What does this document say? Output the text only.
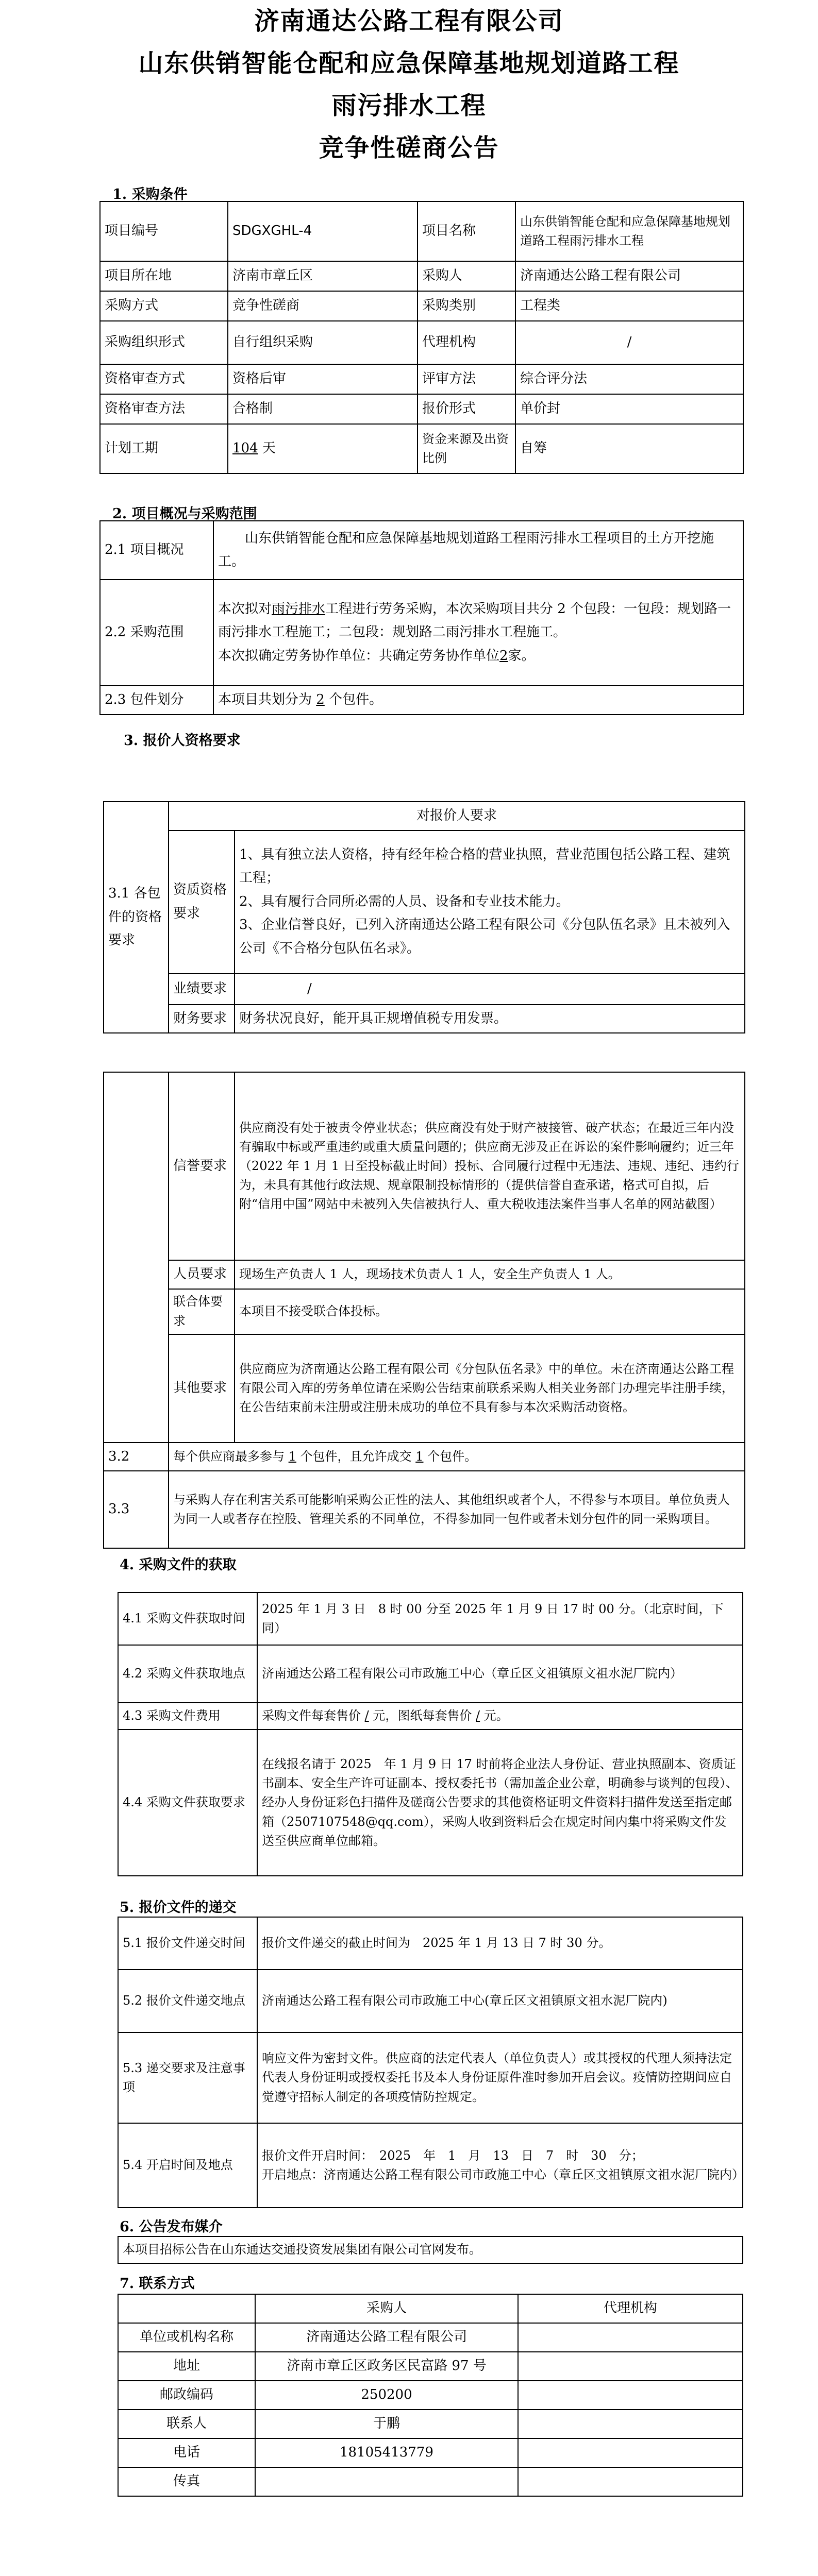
济南通达公路工程有限公司
山东供销智能仓配和应急保障基地规划道路工程
雨污排水工程
竞争性磋商公告
1. 采购条件
项目编号	SDGXGHL-4	项目名称	山东供销智能仓配和应急保障基地规划道路工程雨污排水工程
项目所在地	济南市章丘区	采购人	济南通达公路工程有限公司
采购方式	竞争性磋商	采购类别	工程类
采购组织形式	自行组织采购	代理机构	/
资格审查方式	资格后审	评审方法	综合评分法
资格审查方法	合格制	报价形式	单价封
计划工期	104 天	资金来源及出资比例	自筹
2. 项目概况与采购范围
2.1 项目概况	山东供销智能仓配和应急保障基地规划道路工程雨污排水工程项目的土方开挖施工。
2.2 采购范围	本次拟对雨污排水工程进行劳务采购，本次采购项目共分 2 个包段：一包段：规划路一雨污排水工程施工；二包段：规划路二雨污排水工程施工。
本次拟确定劳务协作单位：共确定劳务协作单位2家。
2.3 包件划分	本项目共划分为 2 个包件。
3. 报价人资格要求
3.1 各包件的资格要求	对报价人要求	
	资质资格要求	1、具有独立法人资格，持有经年检合格的营业执照，营业范围包括公路工程、建筑工程；
2、具有履行合同所必需的人员、设备和专业技术能力。
3、企业信誉良好，已列入济南通达公路工程有限公司《分包队伍名录》且未被列入公司《不合格分包队伍名录》。

	业绩要求	/
	财务要求	财务状况良好，能开具正规增值税专用发票。
	信誉要求	供应商没有处于被责令停业状态；供应商没有处于财产被接管、破产状态；在最近三年内没有骗取中标或严重违约或重大质量问题的；供应商无涉及正在诉讼的案件影响履约；近三年（2022 年 1 月 1 日至投标截止时间）投标、合同履行过程中无违法、违规、违纪、违约行为，未具有其他行政法规、规章限制投标情形的（提供信誉自查承诺，格式可自拟，后附“信用中国”网站中未被列入失信被执行人、重大税收违法案件当事人名单的网站截图）
	人员要求	现场生产负责人 1 人，现场技术负责人 1 人，安全生产负责人 1 人。
	联合体要求	本项目不接受联合体投标。
	其他要求	供应商应为济南通达公路工程有限公司《分包队伍名录》中的单位。未在济南通达公路工程有限公司入库的劳务单位请在采购公告结束前联系采购人相关业务部门办理完毕注册手续，在公告结束前未注册或注册未成功的单位不具有参与本次采购活动资格。
3.2	每个供应商最多参与 1 个包件，且允许成交 1 个包件。	
3.3	与采购人存在利害关系可能影响采购公正性的法人、其他组织或者个人，不得参与本项目。单位负责人为同一人或者存在控股、管理关系的不同单位，不得参加同一包件或者未划分包件的同一采购项目。	
4. 采购文件的获取
4.1 采购文件获取时间	2025 年 1 月 3 日　8 时 00 分至 2025 年 1 月 9 日 17 时 00 分。（北京时间，下同）
4.2 采购文件获取地点	济南通达公路工程有限公司市政施工中心（章丘区文祖镇原文祖水泥厂院内）
4.3 采购文件费用	采购文件每套售价 / 元，图纸每套售价 / 元。
4.4 采购文件获取要求	在线报名请于 2025　年 1 月 9 日 17 时前将企业法人身份证、营业执照副本、资质证书副本、安全生产许可证副本、授权委托书（需加盖企业公章，明确参与谈判的包段）、经办人身份证彩色扫描件及磋商公告要求的其他资格证明文件资料扫描件发送至指定邮箱（2507107548@qq.com），采购人收到资料后会在规定时间内集中将采购文件发送至供应商单位邮箱。
5. 报价文件的递交
5.1 报价文件递交时间	报价文件递交的截止时间为　2025 年 1 月 13 日 7 时 30 分。
5.2 报价文件递交地点	济南通达公路工程有限公司市政施工中心(章丘区文祖镇原文祖水泥厂院内)
5.3 递交要求及注意事项	响应文件为密封文件。供应商的法定代表人（单位负责人）或其授权的代理人须持法定代表人身份证明或授权委托书及本人身份证原件准时参加开启会议。疫情防控期间应自觉遵守招标人制定的各项疫情防控规定。
5.4 开启时间及地点	报价文件开启时间：　2025　年　1　月　13　日　7　时　30　分；
开启地点：济南通达公路工程有限公司市政施工中心（章丘区文祖镇原文祖水泥厂院内）
6. 公告发布媒介
本项目招标公告在山东通达交通投资发展集团有限公司官网发布。
7. 联系方式
	采购人	代理机构
单位或机构名称	济南通达公路工程有限公司	
地址	济南市章丘区政务区民富路 97 号	
邮政编码	250200	
联系人	于鹏	
电话	18105413779	
传真		
